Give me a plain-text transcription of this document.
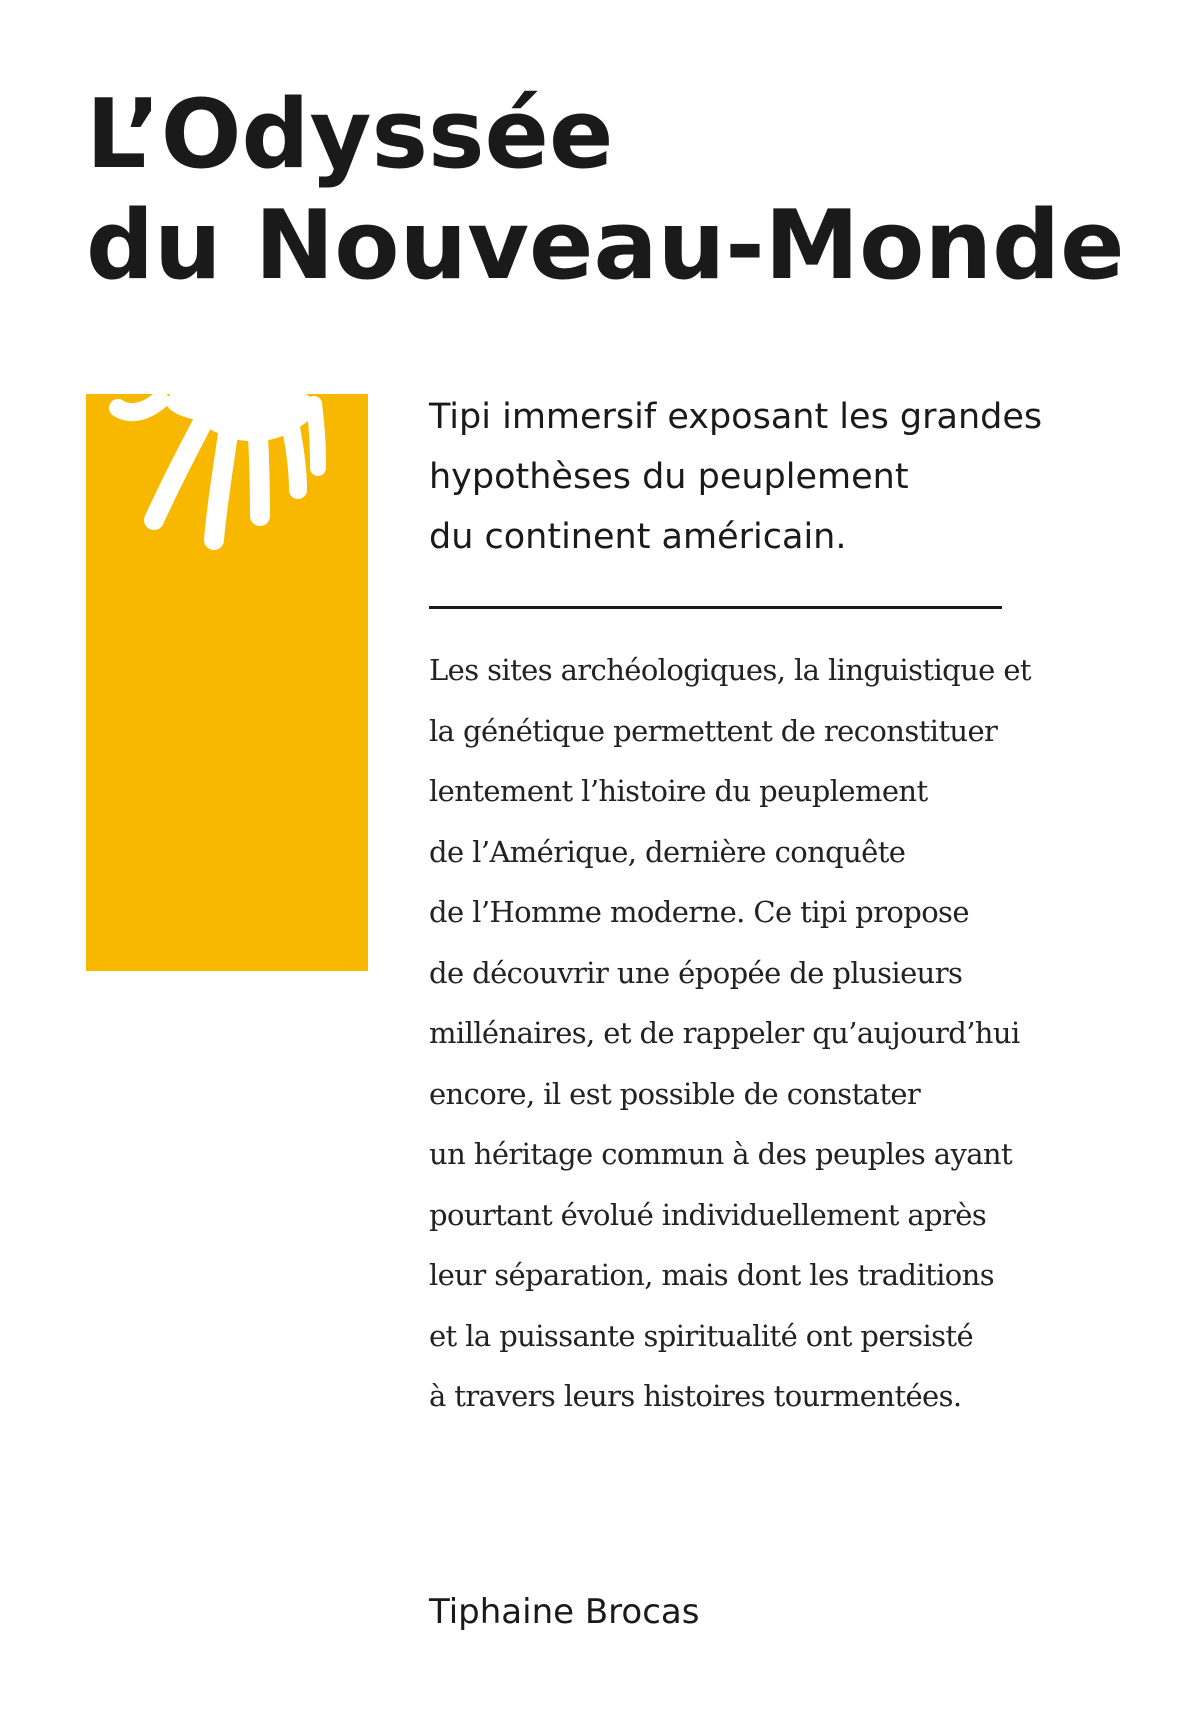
L’Odyssée
du Nouveau-Monde
Tipi immersif exposant les grandes
hypothèses du peuplement
du continent américain.
Les sites archéologiques, la linguistique et
la génétique permettent de reconstituer
lentement l’histoire du peuplement
de l’Amérique, dernière conquête
de l’Homme moderne. Ce tipi propose
de découvrir une épopée de plusieurs
millénaires, et de rappeler qu’aujourd’hui
encore, il est possible de constater
un héritage commun à des peuples ayant
pourtant évolué individuellement après
leur séparation, mais dont les traditions
et la puissante spiritualité ont persisté
à travers leurs histoires tourmentées.

Tiphaine Brocas
